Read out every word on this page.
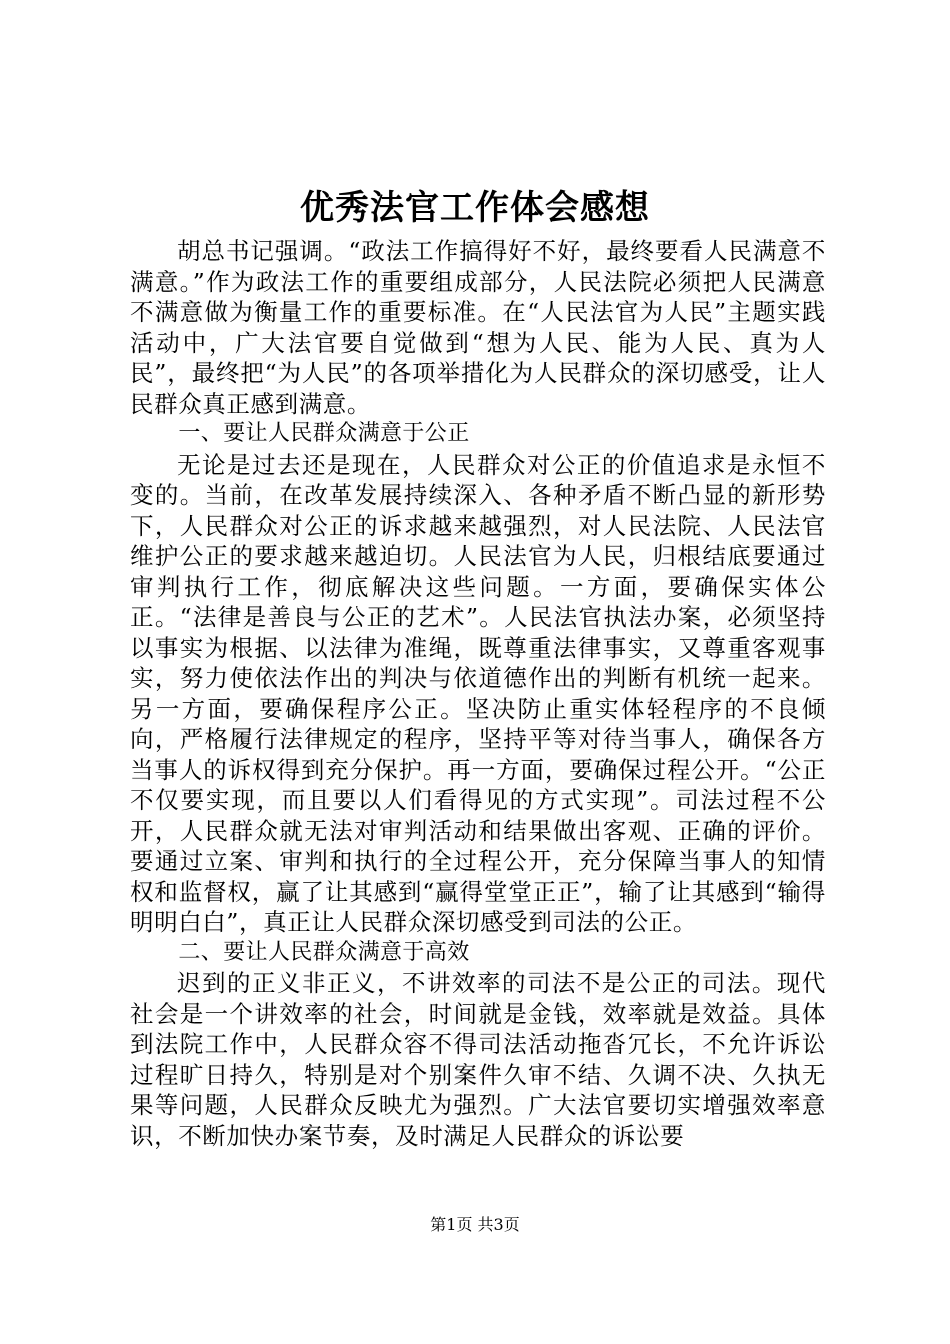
优秀法官工作体会感想

胡总书记强调。“政法工作搞得好不好，最终要看人民满意不满意。”作为政法工作的重要组成部分，人民法院必须把人民满意不满意做为衡量工作的重要标准。在“人民法官为人民”主题实践活动中，广大法官要自觉做到“想为人民、能为人民、真为人民”，最终把“为人民”的各项举措化为人民群众的深切感受，让人民群众真正感到满意。

一、要让人民群众满意于公正

无论是过去还是现在，人民群众对公正的价值追求是永恒不变的。当前，在改革发展持续深入、各种矛盾不断凸显的新形势下，人民群众对公正的诉求越来越强烈，对人民法院、人民法官维护公正的要求越来越迫切。人民法官为人民，归根结底要通过审判执行工作，彻底解决这些问题。一方面，要确保实体公正。“法律是善良与公正的艺术”。人民法官执法办案，必须坚持以事实为根据、以法律为准绳，既尊重法律事实，又尊重客观事实，努力使依法作出的判决与依道德作出的判断有机统一起来。另一方面，要确保程序公正。坚决防止重实体轻程序的不良倾向，严格履行法律规定的程序，坚持平等对待当事人，确保各方当事人的诉权得到充分保护。再一方面，要确保过程公开。“公正不仅要实现，而且要以人们看得见的方式实现”。司法过程不公开，人民群众就无法对审判活动和结果做出客观、正确的评价。要通过立案、审判和执行的全过程公开，充分保障当事人的知情权和监督权，赢了让其感到“赢得堂堂正正”，输了让其感到“输得明明白白”，真正让人民群众深切感受到司法的公正。

二、要让人民群众满意于高效

迟到的正义非正义，不讲效率的司法不是公正的司法。现代社会是一个讲效率的社会，时间就是金钱，效率就是效益。具体到法院工作中，人民群众容不得司法活动拖沓冗长，不允许诉讼过程旷日持久，特别是对个别案件久审不结、久调不决、久执无果等问题，人民群众反映尤为强烈。广大法官要切实增强效率意识，不断加快办案节奏，及时满足人民群众的诉讼要

第1页 共3页
